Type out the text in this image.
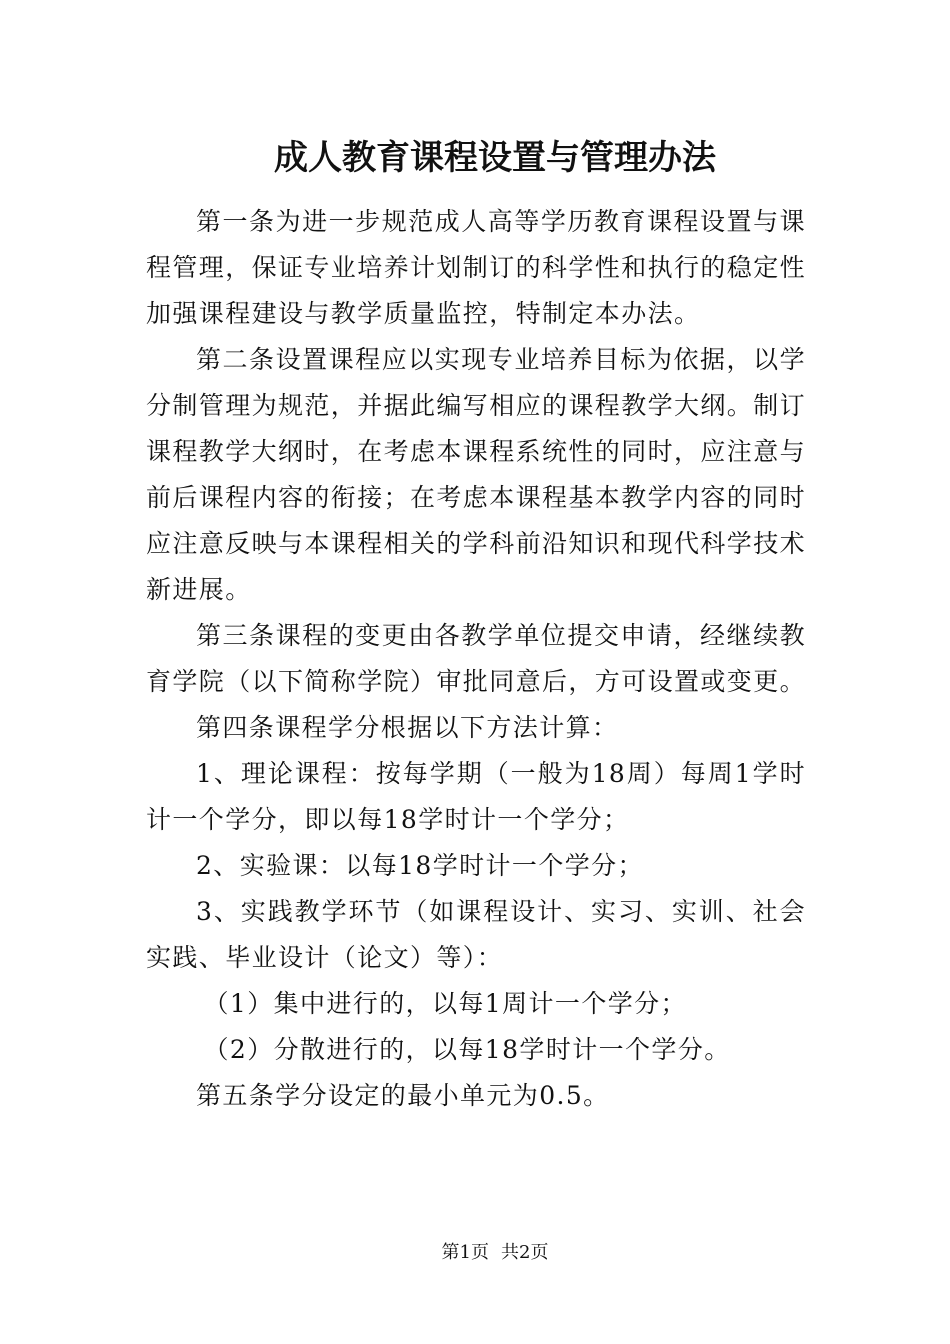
成人教育课程设置与管理办法

第一条为进一步规范成人高等学历教育课程设置与课程管理，保证专业培养计划制订的科学性和执行的稳定性加强课程建设与教学质量监控，特制定本办法。

第二条设置课程应以实现专业培养目标为依据，以学分制管理为规范，并据此编写相应的课程教学大纲。制订课程教学大纲时，在考虑本课程系统性的同时，应注意与前后课程内容的衔接；在考虑本课程基本教学内容的同时应注意反映与本课程相关的学科前沿知识和现代科学技术新进展。

第三条课程的变更由各教学单位提交申请，经继续教育学院（以下简称学院）审批同意后，方可设置或变更。

第四条课程学分根据以下方法计算：

1、理论课程：按每学期（一般为18周）每周1学时计一个学分，即以每18学时计一个学分；

2、实验课：以每18学时计一个学分；

3、实践教学环节（如课程设计、实习、实训、社会实践、毕业设计（论文）等）：

（1）集中进行的，以每1周计一个学分；

（2）分散进行的，以每18学时计一个学分。

第五条学分设定的最小单元为0.5。

第1页 共2页
